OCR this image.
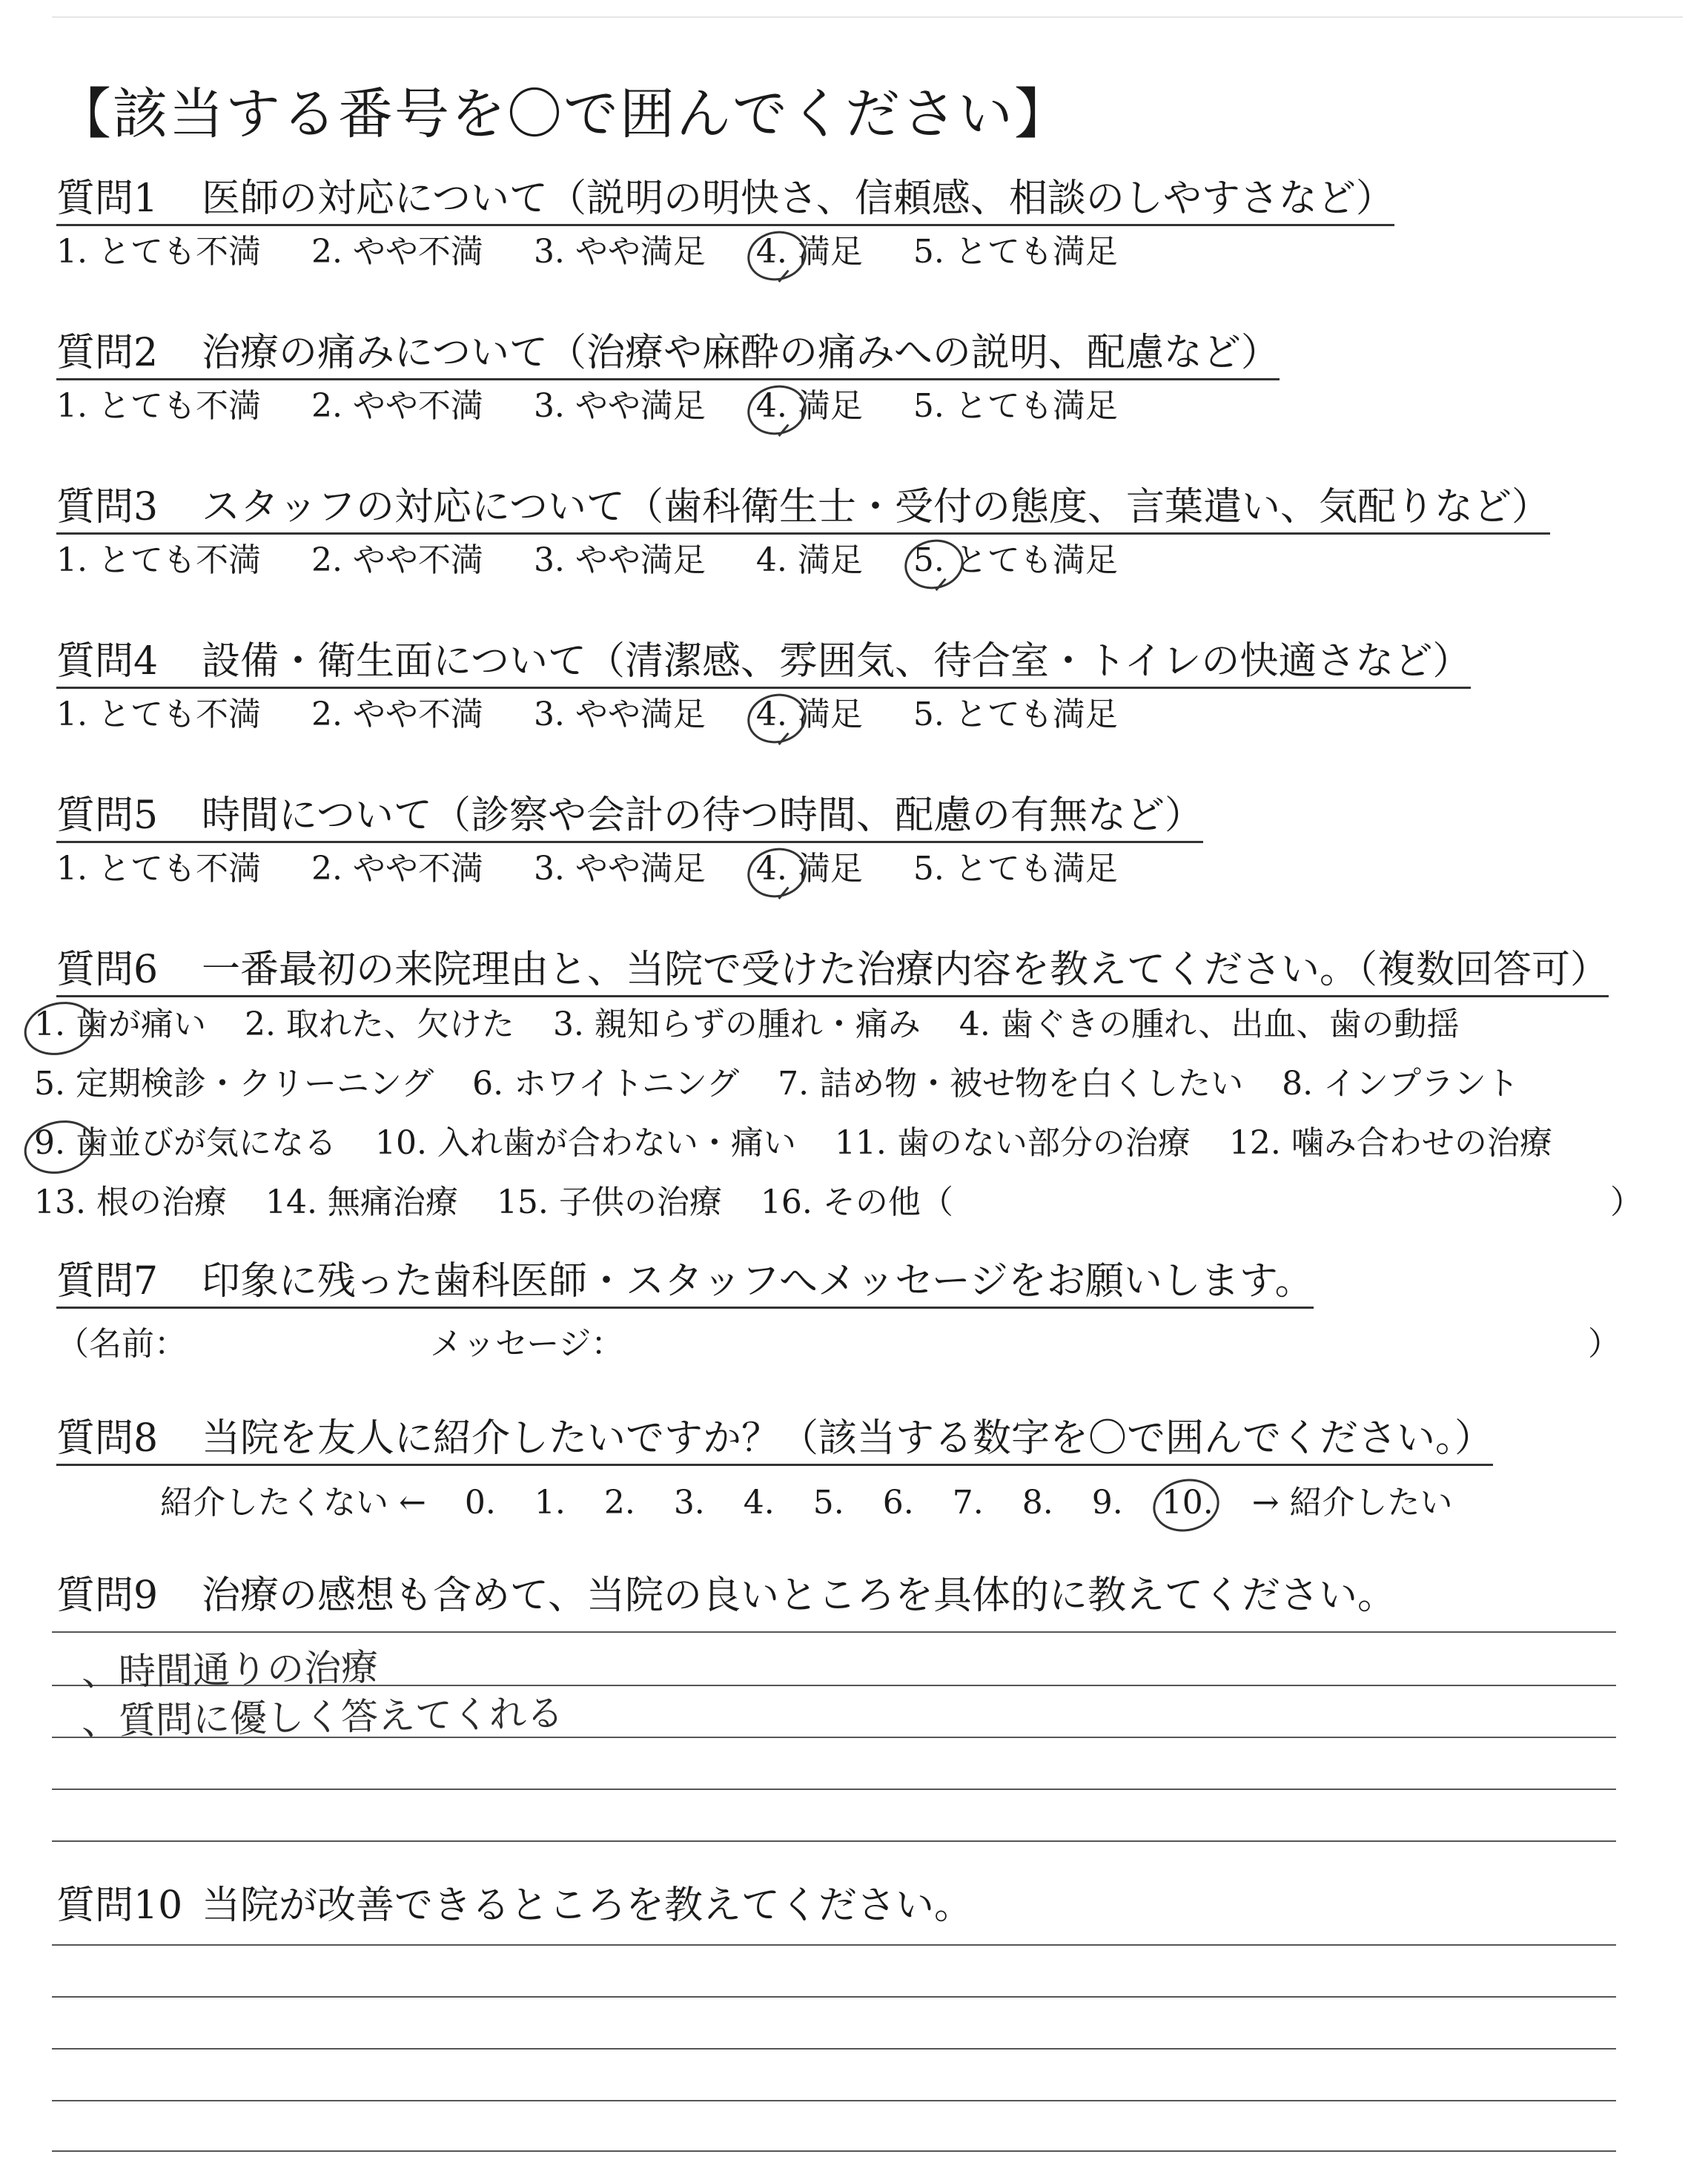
【該当する番号を〇で囲んでください】
質問1 医師の対応について（説明の明快さ、信頼感、相談のしやすさなど）
1. とても不満 2. やや不満 3. やや満足 4. 満足 5. とても満足
質問2 治療の痛みについて（治療や麻酔の痛みへの説明、配慮など）
1. とても不満 2. やや不満 3. やや満足 4. 満足 5. とても満足
質問3 スタッフの対応について（歯科衛生士・受付の態度、言葉遣い、気配りなど）
1. とても不満 2. やや不満 3. やや満足 4. 満足 5. とても満足
質問4 設備・衛生面について（清潔感、雰囲気、待合室・トイレの快適さなど）
1. とても不満 2. やや不満 3. やや満足 4. 満足 5. とても満足
質問5 時間について（診察や会計の待つ時間、配慮の有無など）
1. とても不満 2. やや不満 3. やや満足 4. 満足 5. とても満足
質問6 一番最初の来院理由と、当院で受けた治療内容を教えてください。（複数回答可）
1. 歯が痛い 2. 取れた、欠けた 3. 親知らずの腫れ・痛み 4. 歯ぐきの腫れ、出血、歯の動揺
5. 定期検診・クリーニング 6. ホワイトニング 7. 詰め物・被せ物を白くしたい 8. インプラント
9. 歯並びが気になる 10. 入れ歯が合わない・痛い 11. 歯のない部分の治療 12. 噛み合わせの治療
13. 根の治療 14. 無痛治療 15. 子供の治療 16. その他（	）
質問7 印象に残った歯科医師・スタッフへメッセージをお願いします。
（名前：	メッセージ：	）
質問8 当院を友人に紹介したいですか？（該当する数字を〇で囲んでください。）
紹介したくない ← 0. 1. 2. 3. 4. 5. 6. 7. 8. 9. 10. → 紹介したい
質問9 治療の感想も含めて、当院の良いところを具体的に教えてください。
、時間通りの治療
、質問に優しく答えてくれる
質問10 当院が改善できるところを教えてください。
